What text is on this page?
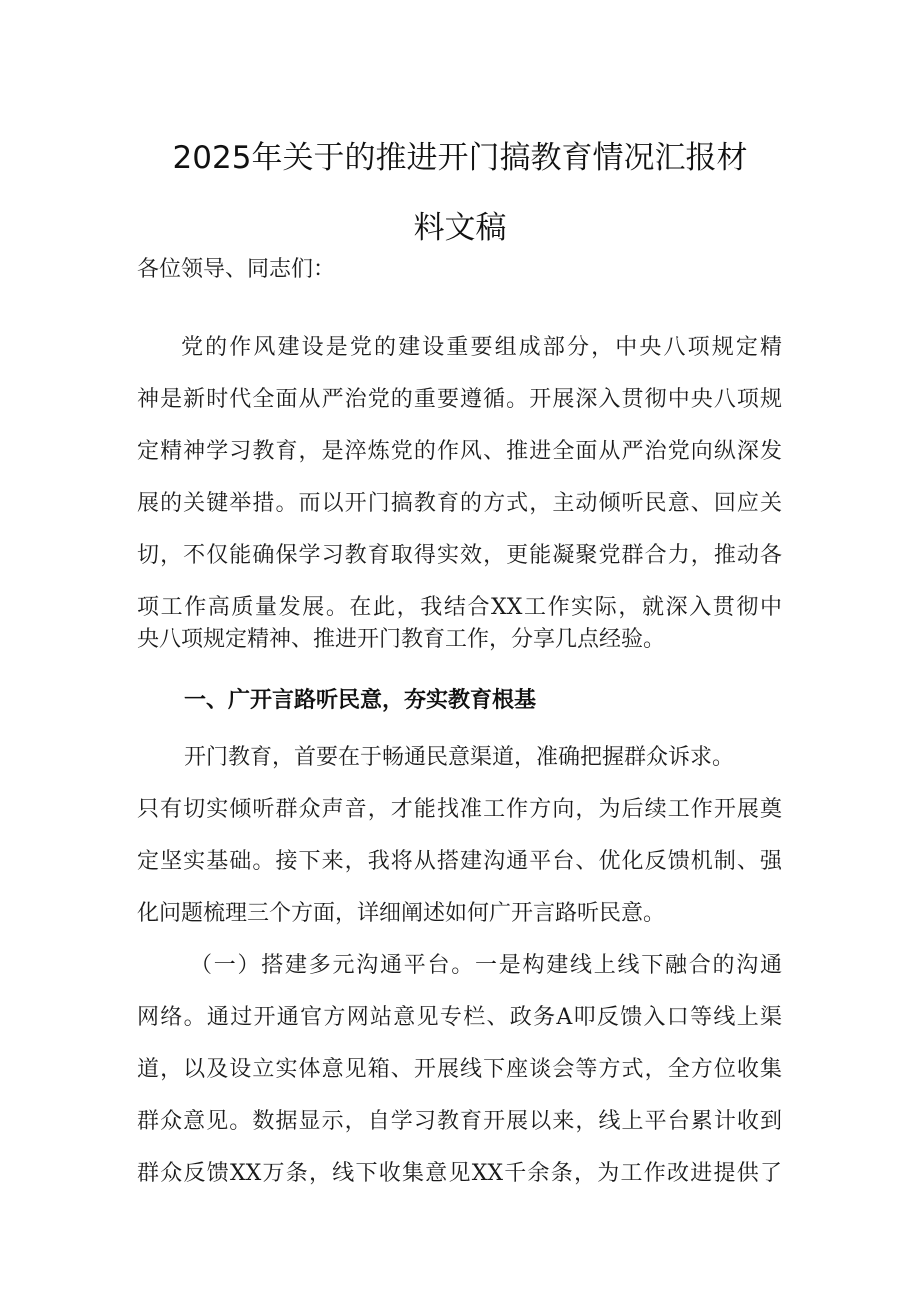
2025年关于的推进开门搞教育情况汇报材
料文稿
各位领导、同志们：
党的作风建设是党的建设重要组成部分，中央八项规定精
神是新时代全面从严治党的重要遵循。开展深入贯彻中央八项规
定精神学习教育，是淬炼党的作风、推进全面从严治党向纵深发
展的关键举措。而以开门搞教育的方式，主动倾听民意、回应关
切，不仅能确保学习教育取得实效，更能凝聚党群合力，推动各
项工作高质量发展。在此，我结合XX工作实际，就深入贯彻中
央八项规定精神、推进开门教育工作，分享几点经验。
一、广开言路听民意，夯实教育根基
开门教育，首要在于畅通民意渠道，准确把握群众诉求。
只有切实倾听群众声音，才能找准工作方向，为后续工作开展奠
定坚实基础。接下来，我将从搭建沟通平台、优化反馈机制、强
化问题梳理三个方面，详细阐述如何广开言路听民意。
（一）搭建多元沟通平台。一是构建线上线下融合的沟通
网络。通过开通官方网站意见专栏、政务A叩反馈入口等线上渠
道，以及设立实体意见箱、开展线下座谈会等方式，全方位收集
群众意见。数据显示，自学习教育开展以来，线上平台累计收到
群众反馈XX万条，线下收集意见XX千余条，为工作改进提供了
